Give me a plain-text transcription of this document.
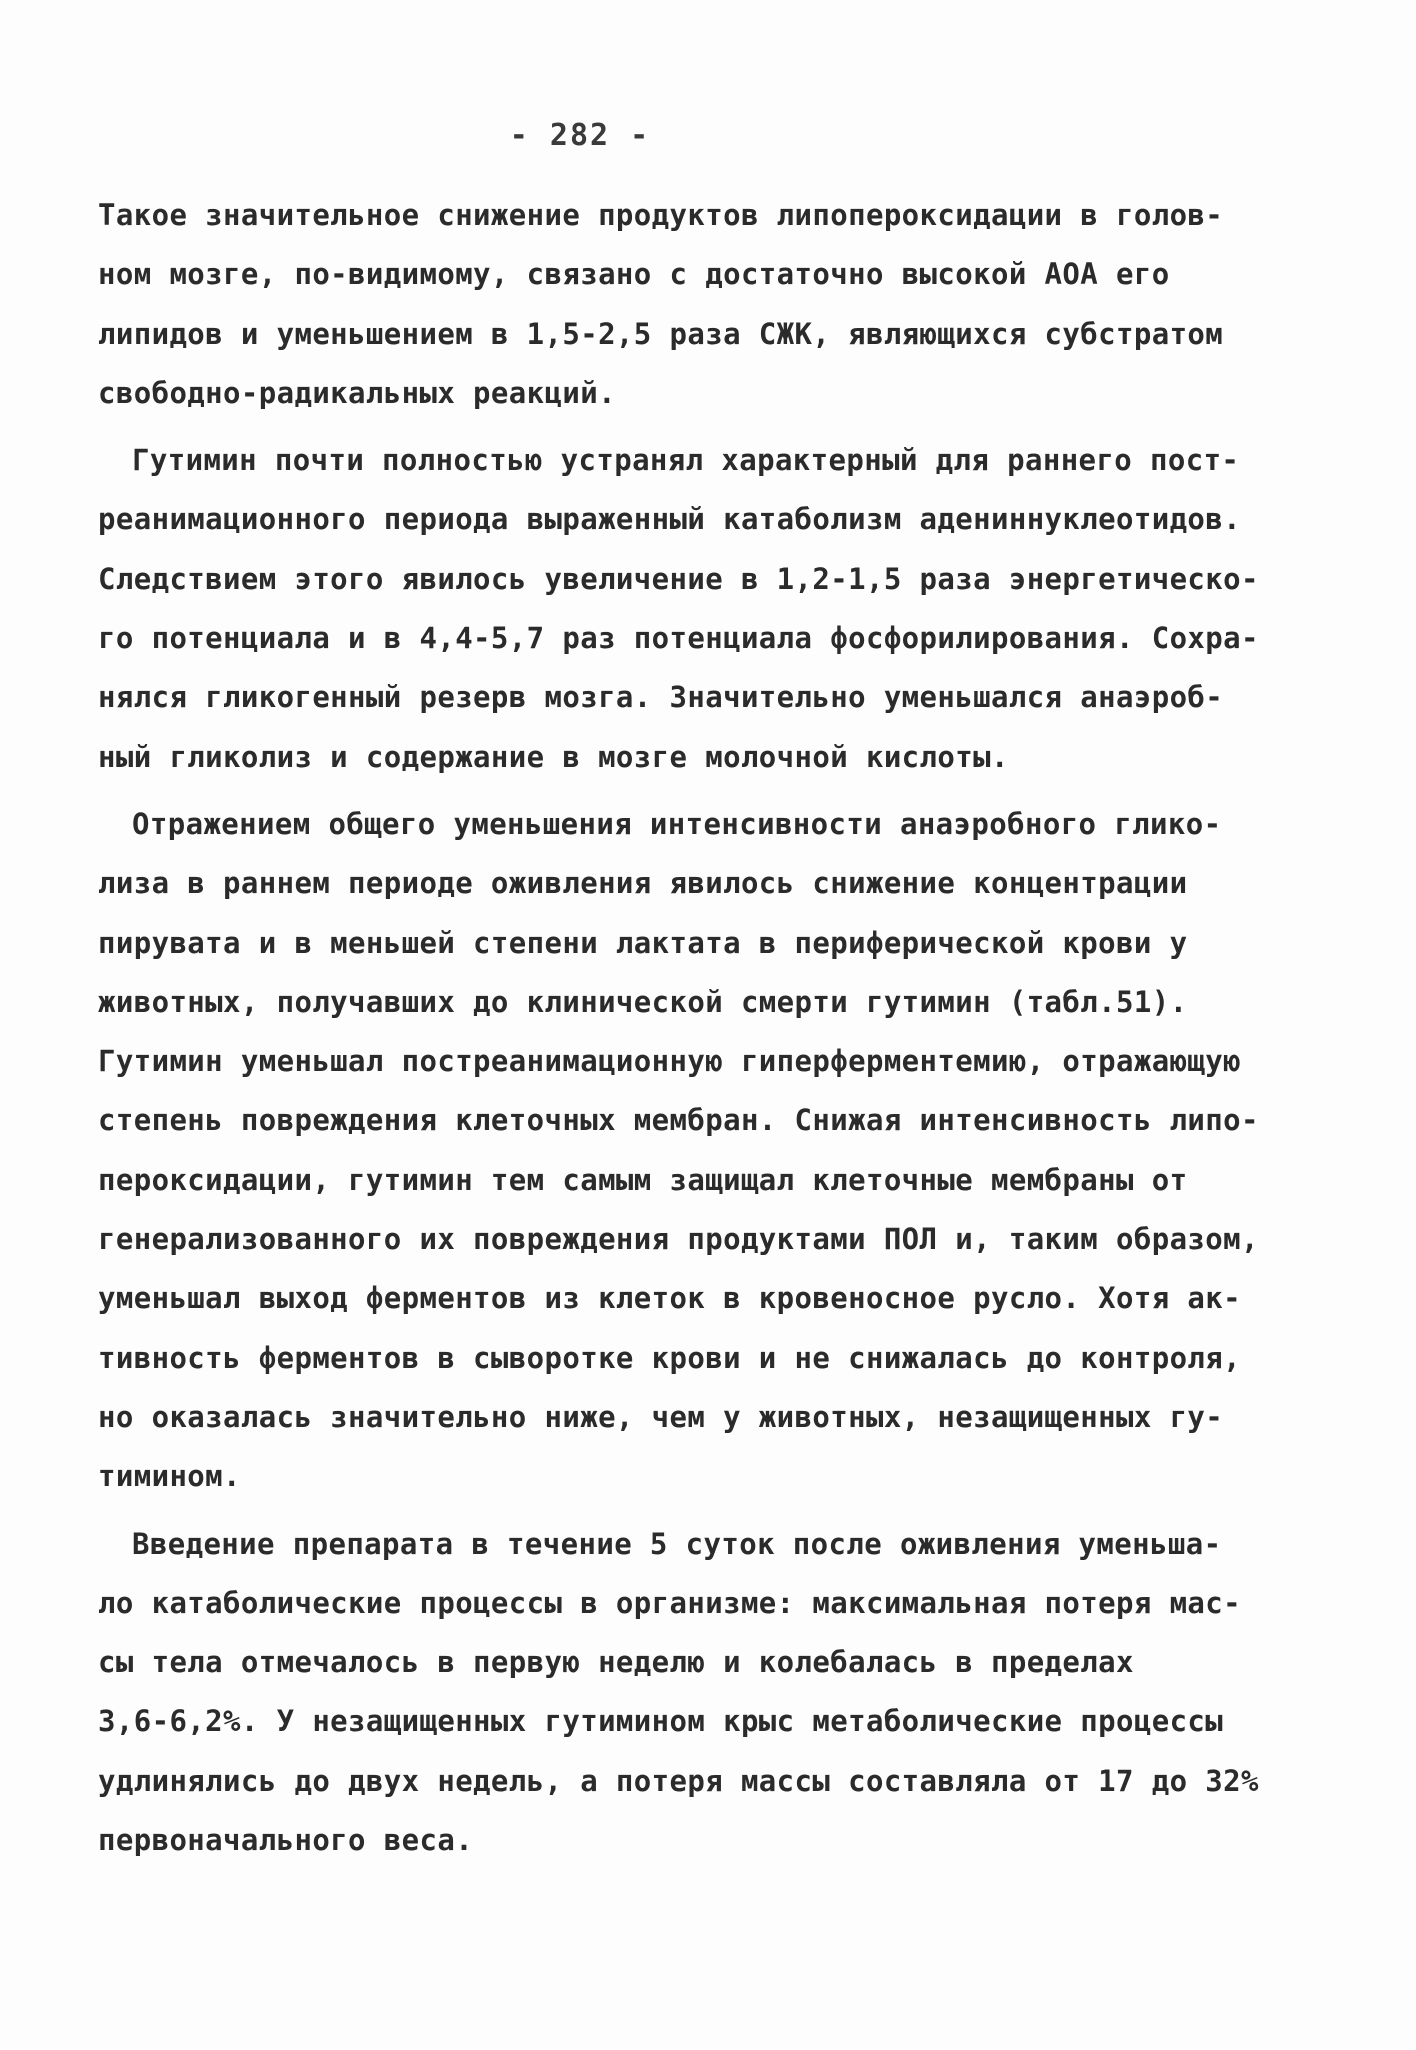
- 282 -
Такое значительное снижение продуктов липопероксидации в голов-
ном мозге, по-видимому, связано с достаточно высокой АОА его
липидов и уменьшением в 1,5-2,5 раза СЖК, являющихся субстратом
свободно-радикальных реакций.
Гутимин почти полностью устранял характерный для раннего пост-
реанимационного периода выраженный катаболизм адениннуклеотидов.
Следствием этого явилось увеличение в 1,2-1,5 раза энергетическо-
го потенциала и в 4,4-5,7 раз потенциала фосфорилирования. Сохра-
нялся гликогенный резерв мозга. Значительно уменьшался анаэроб-
ный гликолиз и содержание в мозге молочной кислоты.
Отражением общего уменьшения интенсивности анаэробного глико-
лиза в раннем периоде оживления явилось снижение концентрации
пирувата и в меньшей степени лактата в периферической крови у
животных, получавших до клинической смерти гутимин (табл.51).
Гутимин уменьшал постреанимационную гиперферментемию, отражающую
степень повреждения клеточных мембран. Снижая интенсивность липо-
пероксидации, гутимин тем самым защищал клеточные мембраны от
генерализованного их повреждения продуктами ПОЛ и, таким образом,
уменьшал выход ферментов из клеток в кровеносное русло. Хотя ак-
тивность ферментов в сыворотке крови и не снижалась до контроля,
но оказалась значительно ниже, чем у животных, незащищенных гу-
тимином.
Введение препарата в течение 5 суток после оживления уменьша-
ло катаболические процессы в организме: максимальная потеря мас-
сы тела отмечалось в первую неделю и колебалась в пределах
3,6-6,2%. У незащищенных гутимином крыс метаболические процессы
удлинялись до двух недель, а потеря массы составляла от 17 до 32%
первоначального веса.
